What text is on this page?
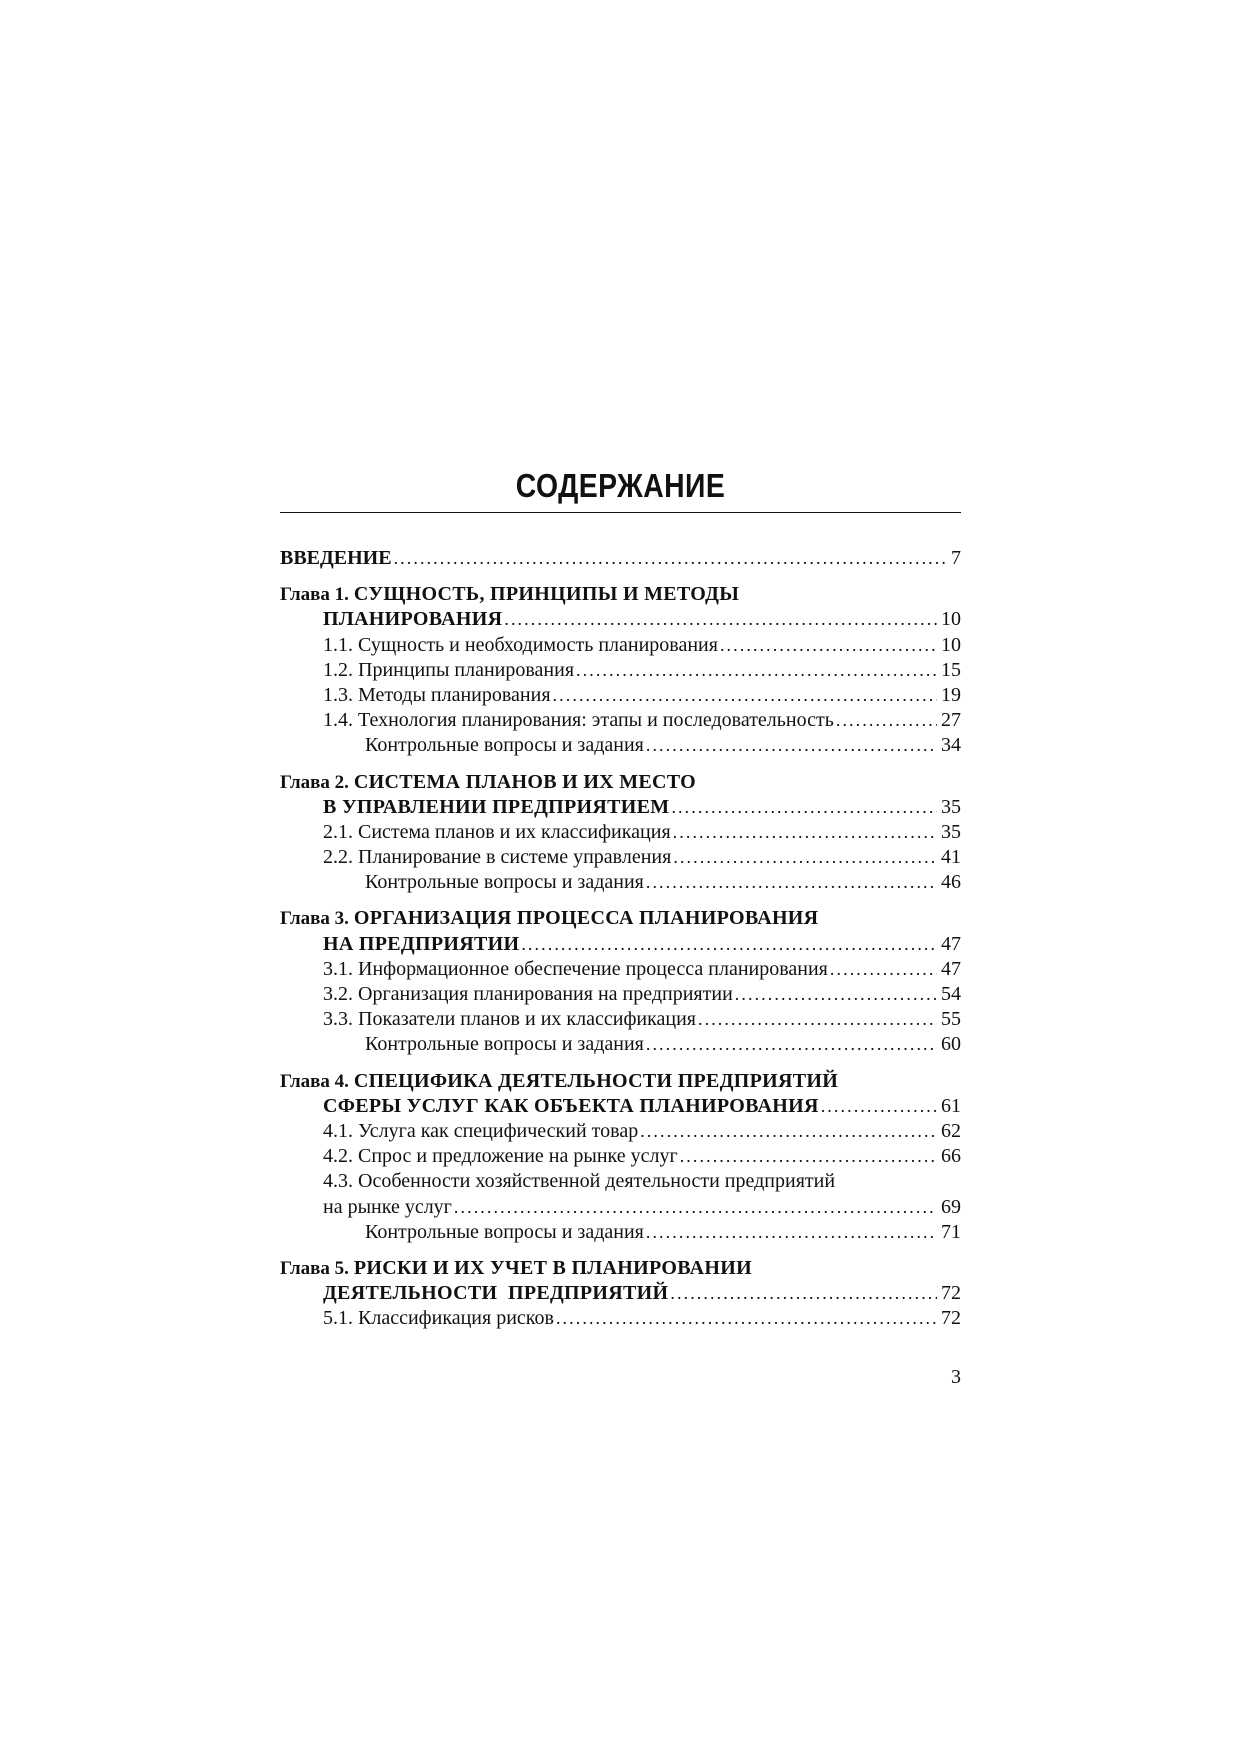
СОДЕРЖАНИЕ
ВВЕДЕНИЕ . . .	7
Глава 1. СУЩНОСТЬ, ПРИНЦИПЫ И МЕТОДЫ
ПЛАНИРОВАНИЯ . . .	10
1.1. Сущность и необходимость планирования . . .	10
1.2. Принципы планирования . . .	15
1.3. Методы планирования . . .	19
1.4. Технология планирования: этапы и последовательность . . .	27
Контрольные вопросы и задания . . .	34
Глава 2. СИСТЕМА ПЛАНОВ И ИХ МЕСТО
В УПРАВЛЕНИИ ПРЕДПРИЯТИЕМ . . .	35
2.1. Система планов и их классификация . . .	35
2.2. Планирование в системе управления . . .	41
Контрольные вопросы и задания . . .	46
Глава 3. ОРГАНИЗАЦИЯ ПРОЦЕССА ПЛАНИРОВАНИЯ
НА ПРЕДПРИЯТИИ . . .	47
3.1. Информационное обеспечение процесса планирования . . .	47
3.2. Организация планирования на предприятии . . .	54
3.3. Показатели планов и их классификация . . .	55
Контрольные вопросы и задания . . .	60
Глава 4. СПЕЦИФИКА ДЕЯТЕЛЬНОСТИ ПРЕДПРИЯТИЙ
СФЕРЫ УСЛУГ КАК ОБЪЕКТА ПЛАНИРОВАНИЯ . . .	61
4.1. Услуга как специфический товар . . .	62
4.2. Спрос и предложение на рынке услуг . . .	66
4.3. Особенности хозяйственной деятельности предприятий
на рынке услуг . . .	69
Контрольные вопросы и задания . . .	71
Глава 5. РИСКИ И ИХ УЧЕТ В ПЛАНИРОВАНИИ
ДЕЯТЕЛЬНОСТИ  ПРЕДПРИЯТИЙ . . .	72
5.1. Классификация рисков . . .	72
3
